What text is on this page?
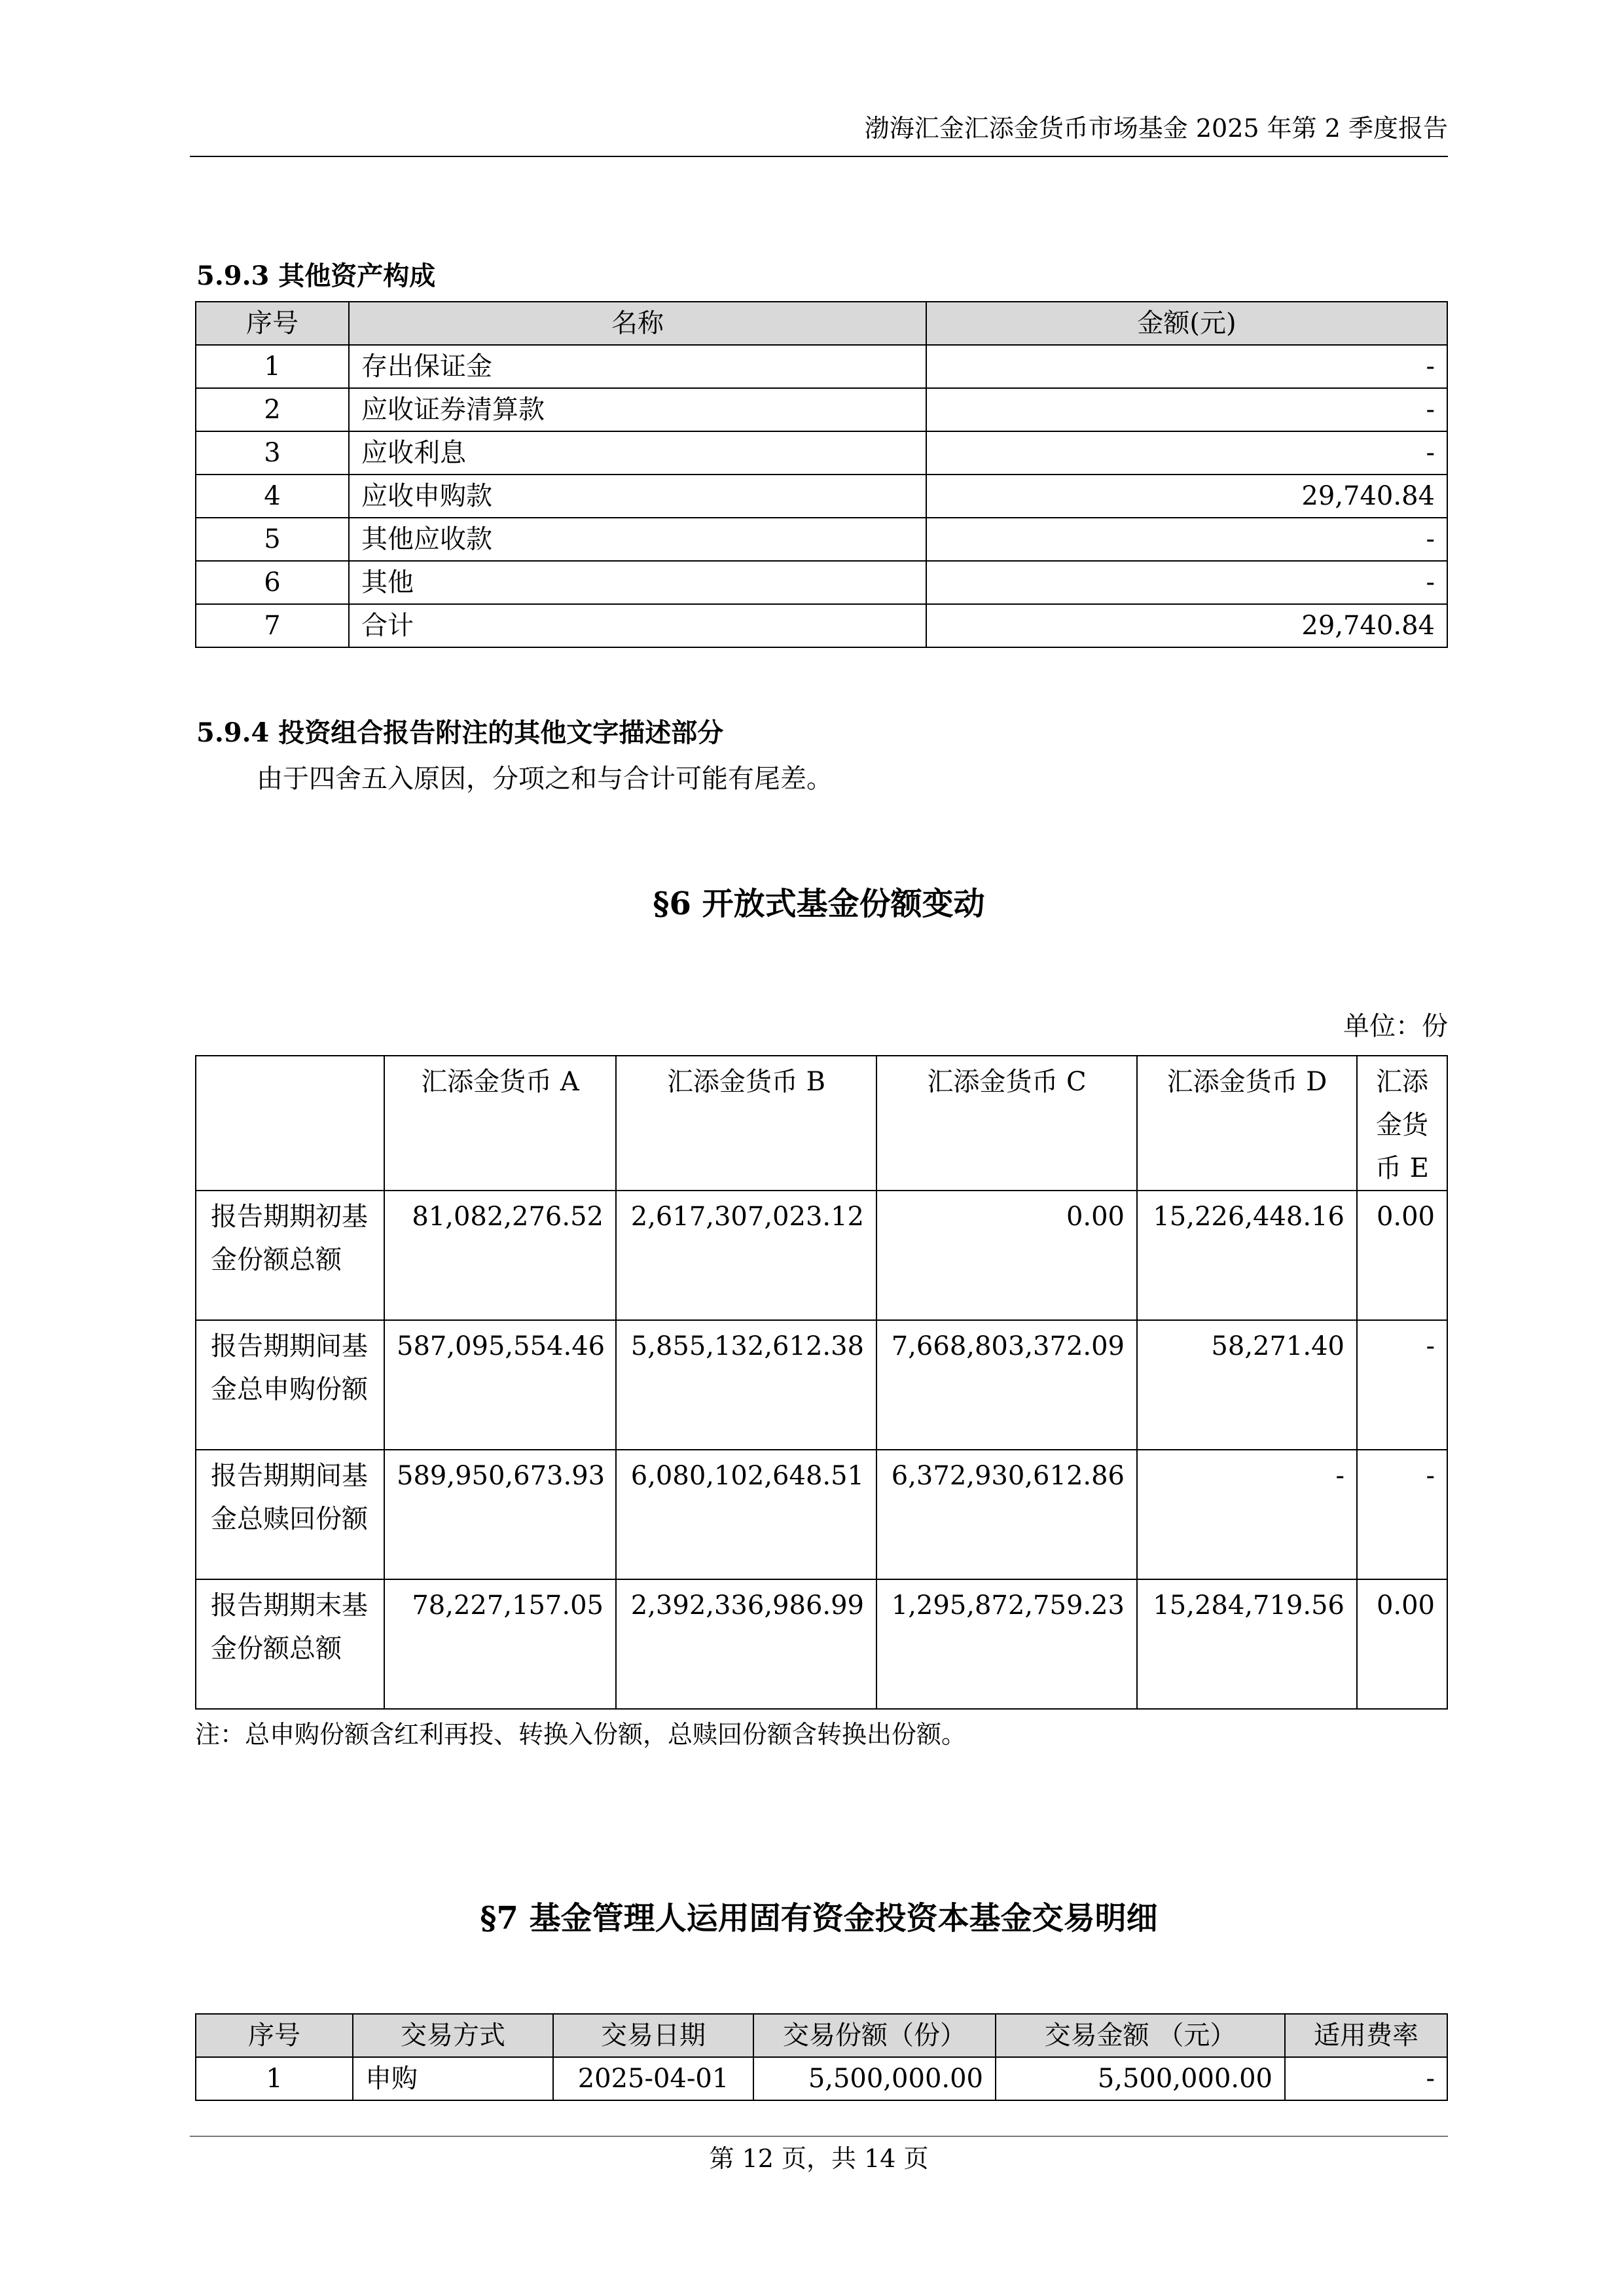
渤海汇金汇添金货币市场基金 2025 年第 2 季度报告
5.9.3 其他资产构成
序号	名称	金额(元)
1	存出保证金	-
2	应收证券清算款	-
3	应收利息	-
4	应收申购款	29,740.84
5	其他应收款	-
6	其他	-
7	合计	29,740.84
5.9.4 投资组合报告附注的其他文字描述部分
由于四舍五入原因，分项之和与合计可能有尾差。
§6 开放式基金份额变动
单位：份
	汇添金货币 A	汇添金货币 B	汇添金货币 C	汇添金货币 D	汇添金货币 E
报告期期初基金份额总额	81,082,276.52	2,617,307,023.12	0.00	15,226,448.16	0.00
报告期期间基金总申购份额	587,095,554.46	5,855,132,612.38	7,668,803,372.09	58,271.40	-
报告期期间基金总赎回份额	589,950,673.93	6,080,102,648.51	6,372,930,612.86	-	-
报告期期末基金份额总额	78,227,157.05	2,392,336,986.99	1,295,872,759.23	15,284,719.56	0.00
注：总申购份额含红利再投、转换入份额，总赎回份额含转换出份额。
§7 基金管理人运用固有资金投资本基金交易明细
序号	交易方式	交易日期	交易份额（份）	交易金额 （元）	适用费率
1	申购	2025-04-01	5,500,000.00	5,500,000.00	-
第 12 页，共 14 页
